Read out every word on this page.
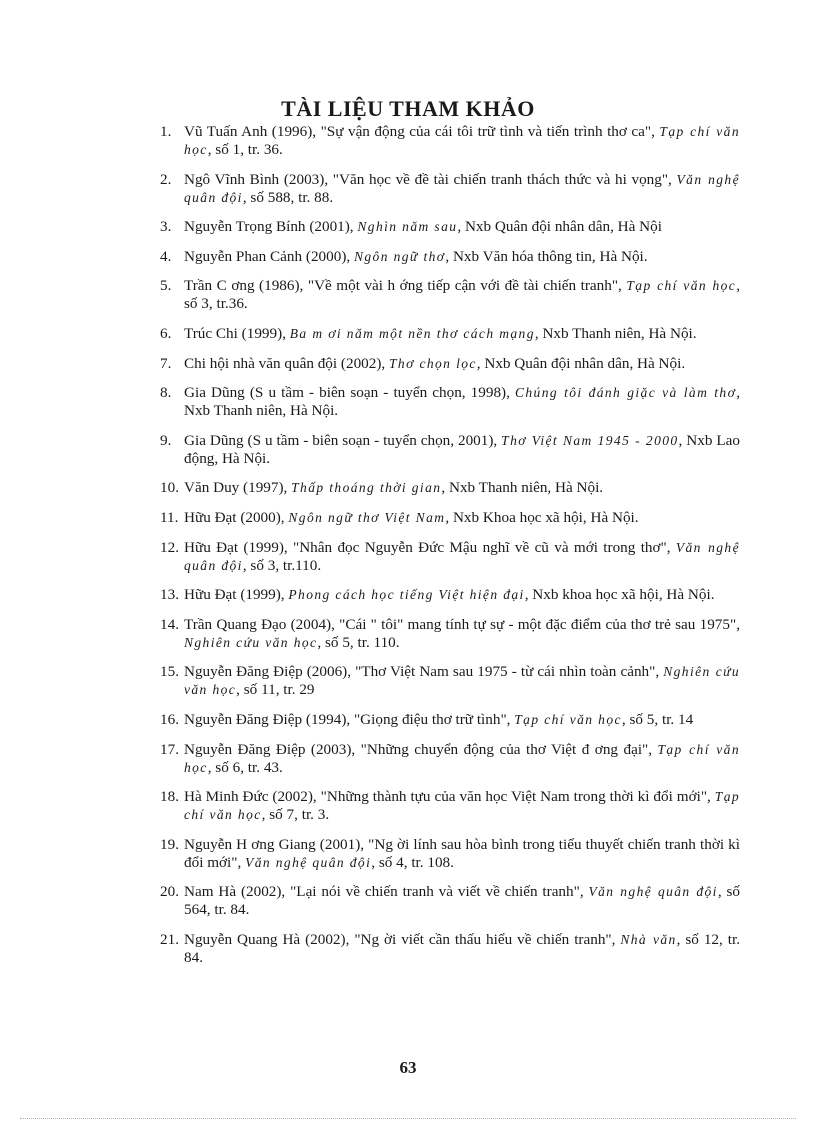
TÀI LIỆU THAM KHẢO
1. Vũ Tuấn Anh (1996), "Sự vận động của cái tôi trữ tình và tiến trình thơ ca", Tạp chí văn học, số 1, tr. 36.
2. Ngô Vĩnh Bình (2003), "Văn học về đề tài chiến tranh thách thức và hi vọng", Văn nghệ quân đội, số 588, tr. 88.
3. Nguyễn Trọng Bính (2001), Nghìn năm sau, Nxb Quân đội nhân dân, Hà Nội
4. Nguyễn Phan Cảnh (2000), Ngôn ngữ thơ, Nxb Văn hóa thông tin, Hà Nội.
5. Trần C ơng (1986), "Về một vài h ớng tiếp cận với đề tài chiến tranh", Tạp chí văn học, số 3, tr.36.
6. Trúc Chi (1999), Ba m ơi năm một nền thơ cách mạng, Nxb Thanh niên, Hà Nội.
7. Chi hội nhà văn quân đội (2002), Thơ chọn lọc, Nxb Quân đội nhân dân, Hà Nội.
8. Gia Dũng (S u tầm - biên soạn - tuyển chọn, 1998), Chúng tôi đánh giặc và làm thơ, Nxb Thanh niên, Hà Nội.
9. Gia Dũng (S u tầm - biên soạn - tuyển chọn, 2001), Thơ Việt Nam 1945 - 2000, Nxb Lao động, Hà Nội.
10. Văn Duy (1997), Thấp thoáng thời gian, Nxb Thanh niên, Hà Nội.
11. Hữu Đạt (2000), Ngôn ngữ thơ Việt Nam, Nxb Khoa học xã hội, Hà Nội.
12. Hữu Đạt (1999), "Nhân đọc Nguyễn Đức Mậu nghĩ về cũ và mới trong thơ", Văn nghệ quân đội, số 3, tr.110.
13. Hữu Đạt (1999), Phong cách học tiếng Việt hiện đại, Nxb khoa học xã hội, Hà Nội.
14. Trần Quang Đạo (2004), "Cái " tôi" mang tính tự sự - một đặc điểm của thơ trẻ sau 1975", Nghiên cứu văn học, số 5, tr. 110.
15. Nguyễn Đăng Điệp (2006), "Thơ Việt Nam sau 1975 - từ cái nhìn toàn cảnh", Nghiên cứu văn học, số 11, tr. 29
16. Nguyễn Đăng Điệp (1994), "Giọng điệu thơ trữ tình", Tạp chí văn học, số 5, tr. 14
17. Nguyễn Đăng Điệp (2003), "Những chuyển động của thơ Việt đ ơng đại", Tạp chí văn học, số 6, tr. 43.
18. Hà Minh Đức (2002), "Những thành tựu của văn học Việt Nam trong thời kì đổi mới", Tạp chí văn học, số 7, tr. 3.
19. Nguyễn H ơng Giang (2001), "Ng ời lính sau hòa bình trong tiểu thuyết chiến tranh thời kì đổi mới", Văn nghệ quân đội, số 4, tr. 108.
20. Nam Hà (2002), "Lại nói về chiến tranh và viết về chiến tranh", Văn nghệ quân đội, số 564, tr. 84.
21. Nguyễn Quang Hà (2002), "Ng ời viết cần thấu hiểu về chiến tranh", Nhà văn, số 12, tr. 84.
63
